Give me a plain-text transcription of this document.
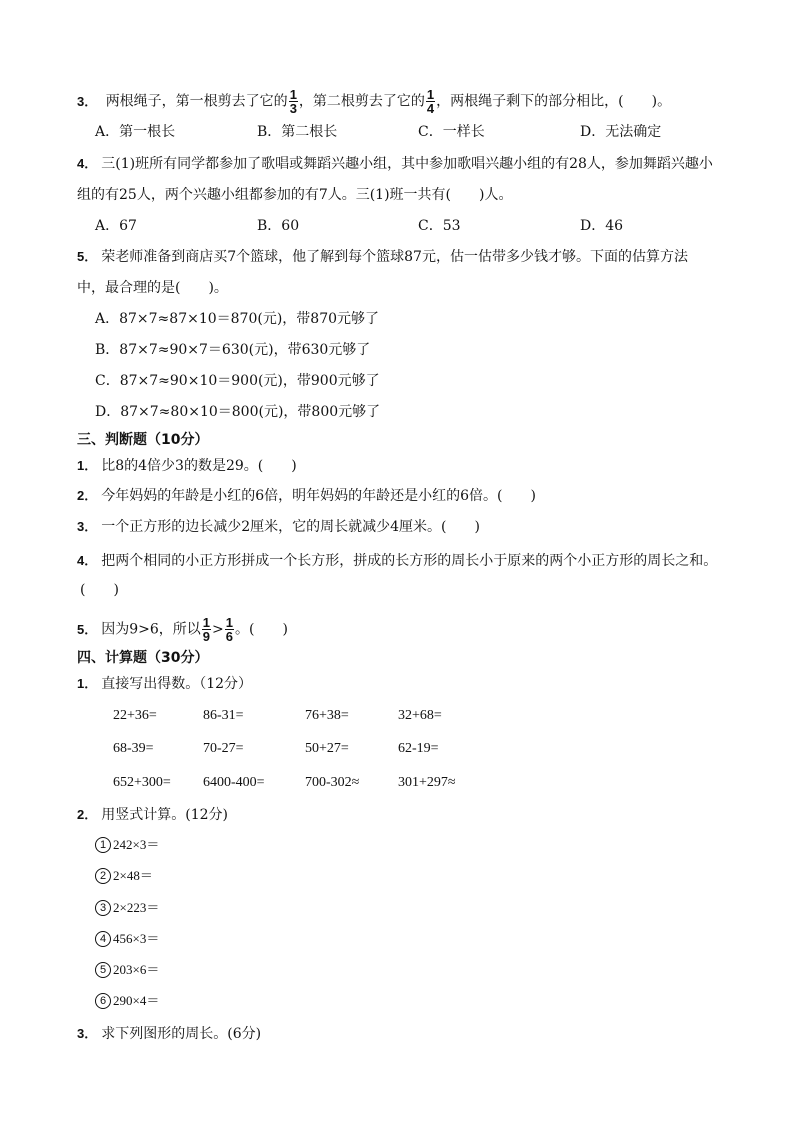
3． 两根绳子，第一根剪去了它的 $\frac{1}{3}$ ，第二根剪去了它的 $\frac{1}{4}$ ，两根绳子剩下的部分相比，(　　)。
A．第一根长	B．第二根长	C．一样长	D．无法确定
4． 三(1)班所有同学都参加了歌唱或舞蹈兴趣小组，其中参加歌唱兴趣小组的有28人，参加舞蹈兴趣小
组的有25人，两个兴趣小组都参加的有7人。三(1)班一共有(　　)人。
A．67	B．60	C．53	D．46
5． 荣老师准备到商店买7个篮球，他了解到每个篮球87元，估一估带多少钱才够。下面的估算方法
中，最合理的是(　　)。
A．87×7≈87×10＝870(元)，带870元够了
B．87×7≈90×7＝630(元)，带630元够了
C．87×7≈90×10＝900(元)，带900元够了
D．87×7≈80×10＝800(元)，带800元够了
三、判断题（10分）
1． 比8的4倍少3的数是29。(　　)
2． 今年妈妈的年龄是小红的6倍，明年妈妈的年龄还是小红的6倍。(　　)
3． 一个正方形的边长减少2厘米，它的周长就减少4厘米。(　　)
4． 把两个相同的小正方形拼成一个长方形，拼成的长方形的周长小于原来的两个小正方形的周长之和。
(　　)
5． 因为9>6，所以 $\frac{1}{9} > \frac{1}{6}$ 。(　　)
四、计算题（30分）
1． 直接写出得数。（12分）
22+36=	86-31=	76+38=	32+68=
68-39=	70-27=	50+27=	62-19=
652+300= 6400-400=	700-302≈	301+297≈
2． 用竖式计算。(12分)
1 242×3＝
2 2×48＝
3 2×223＝
4 456×3＝
5 203×6＝
6 290×4＝
3． 求下列图形的周长。(6分)
